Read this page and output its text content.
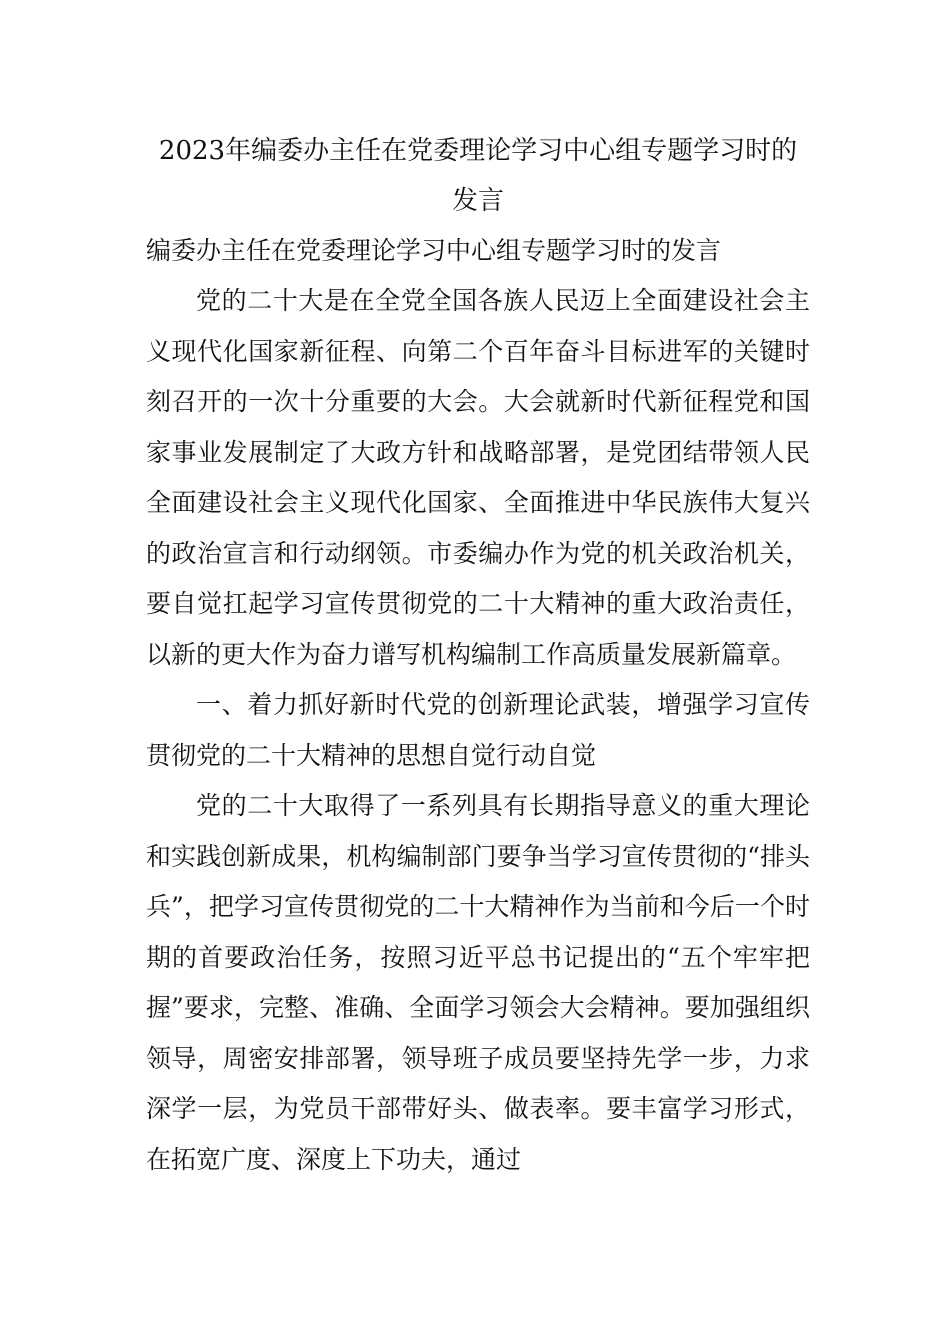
2023年编委办主任在党委理论学习中心组专题学习时的发言

编委办主任在党委理论学习中心组专题学习时的发言

党的二十大是在全党全国各族人民迈上全面建设社会主义现代化国家新征程、向第二个百年奋斗目标进军的关键时刻召开的一次十分重要的大会。大会就新时代新征程党和国家事业发展制定了大政方针和战略部署，是党团结带领人民全面建设社会主义现代化国家、全面推进中华民族伟大复兴的政治宣言和行动纲领。市委编办作为党的机关政治机关，要自觉扛起学习宣传贯彻党的二十大精神的重大政治责任，以新的更大作为奋力谱写机构编制工作高质量发展新篇章。

一、着力抓好新时代党的创新理论武装，增强学习宣传贯彻党的二十大精神的思想自觉行动自觉

党的二十大取得了一系列具有长期指导意义的重大理论和实践创新成果，机构编制部门要争当学习宣传贯彻的“排头兵”，把学习宣传贯彻党的二十大精神作为当前和今后一个时期的首要政治任务，按照习近平总书记提出的“五个牢牢把握”要求，完整、准确、全面学习领会大会精神。要加强组织领导，周密安排部署，领导班子成员要坚持先学一步，力求深学一层，为党员干部带好头、做表率。要丰富学习形式，在拓宽广度、深度上下功夫，通过
